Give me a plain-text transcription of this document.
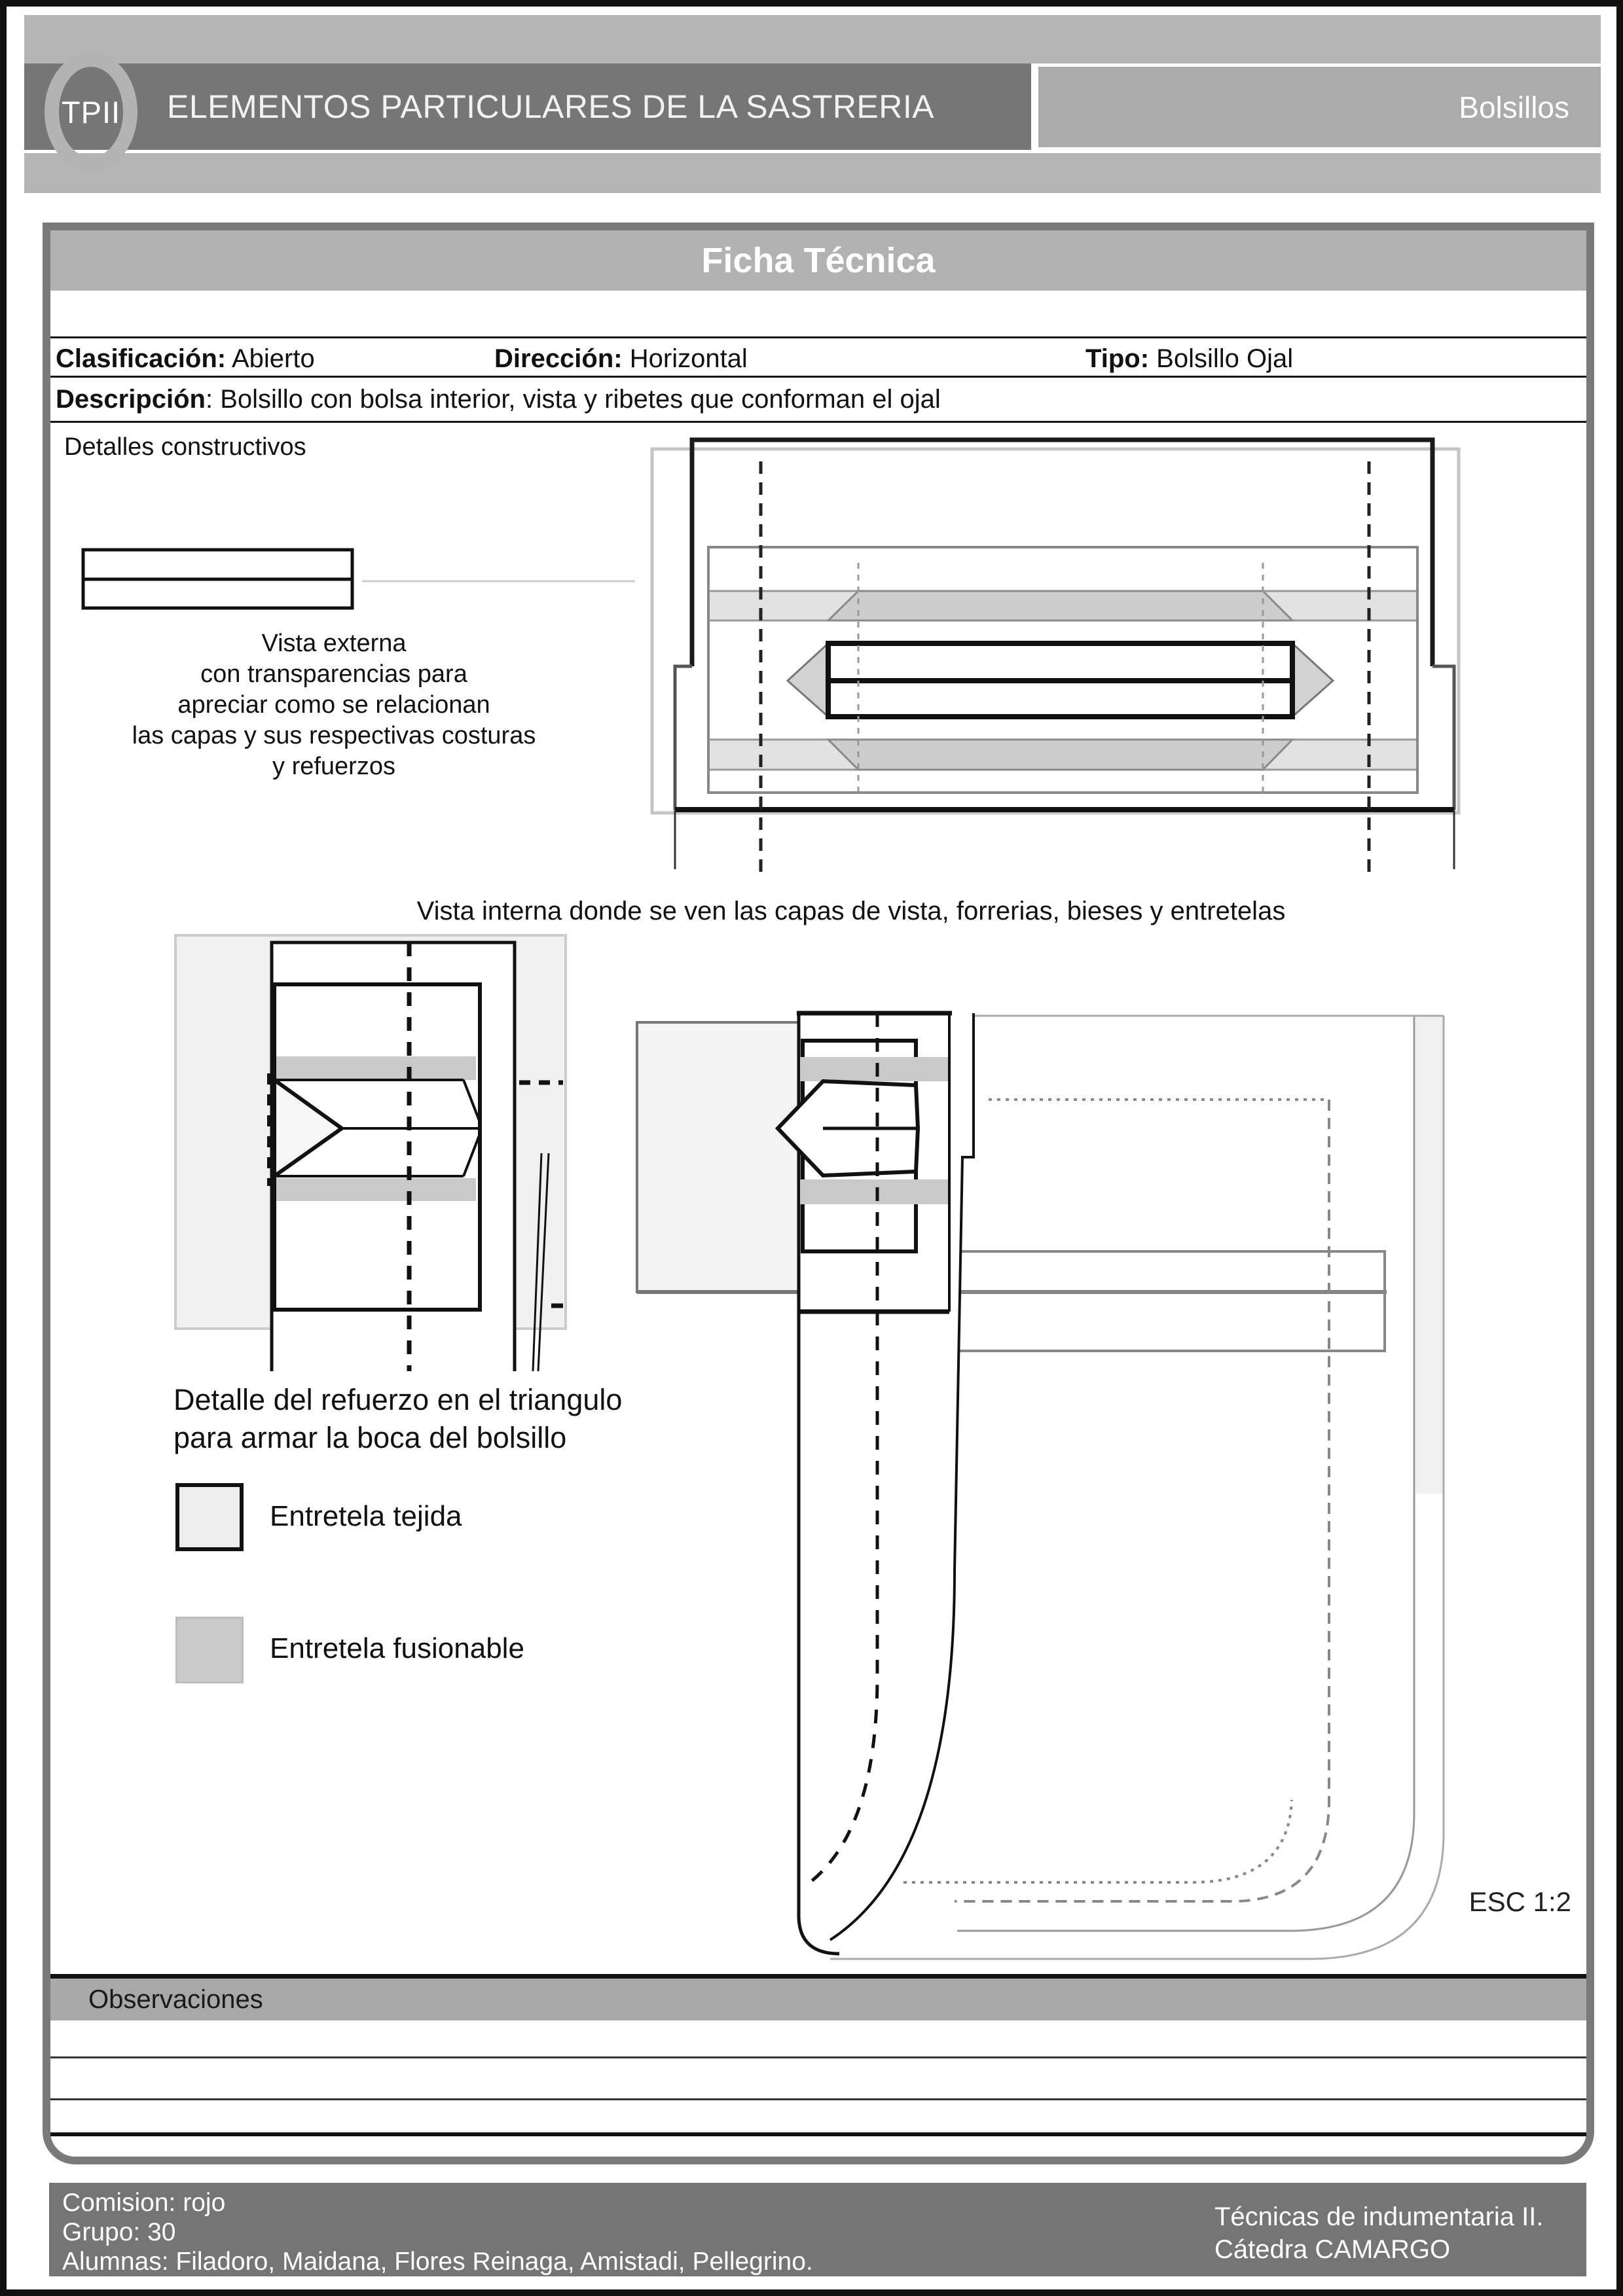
Bolsillos
ELEMENTOS PARTICULARES DE LA SASTRERIA
TPII
Ficha Técnica
Clasificación: Abierto	Dirección: Horizontal	Tipo: Bolsillo Ojal
Descripción: Bolsillo con bolsa interior, vista y ribetes que conforman el ojal
Detalles constructivos
Vista externa
con transparencias para
apreciar como se relacionan
las capas y sus respectivas costuras
y refuerzos
Vista interna donde se ven las capas de vista, forrerias, bieses y entretelas
Detalle del refuerzo en el triangulo
para armar la boca del bolsillo
Entretela tejida
Entretela fusionable
ESC 1:2
Observaciones
Comision: rojo
Grupo: 30
Alumnas: Filadoro, Maidana, Flores Reinaga, Amistadi, Pellegrino.
Técnicas de indumentaria II.
Cátedra CAMARGO
